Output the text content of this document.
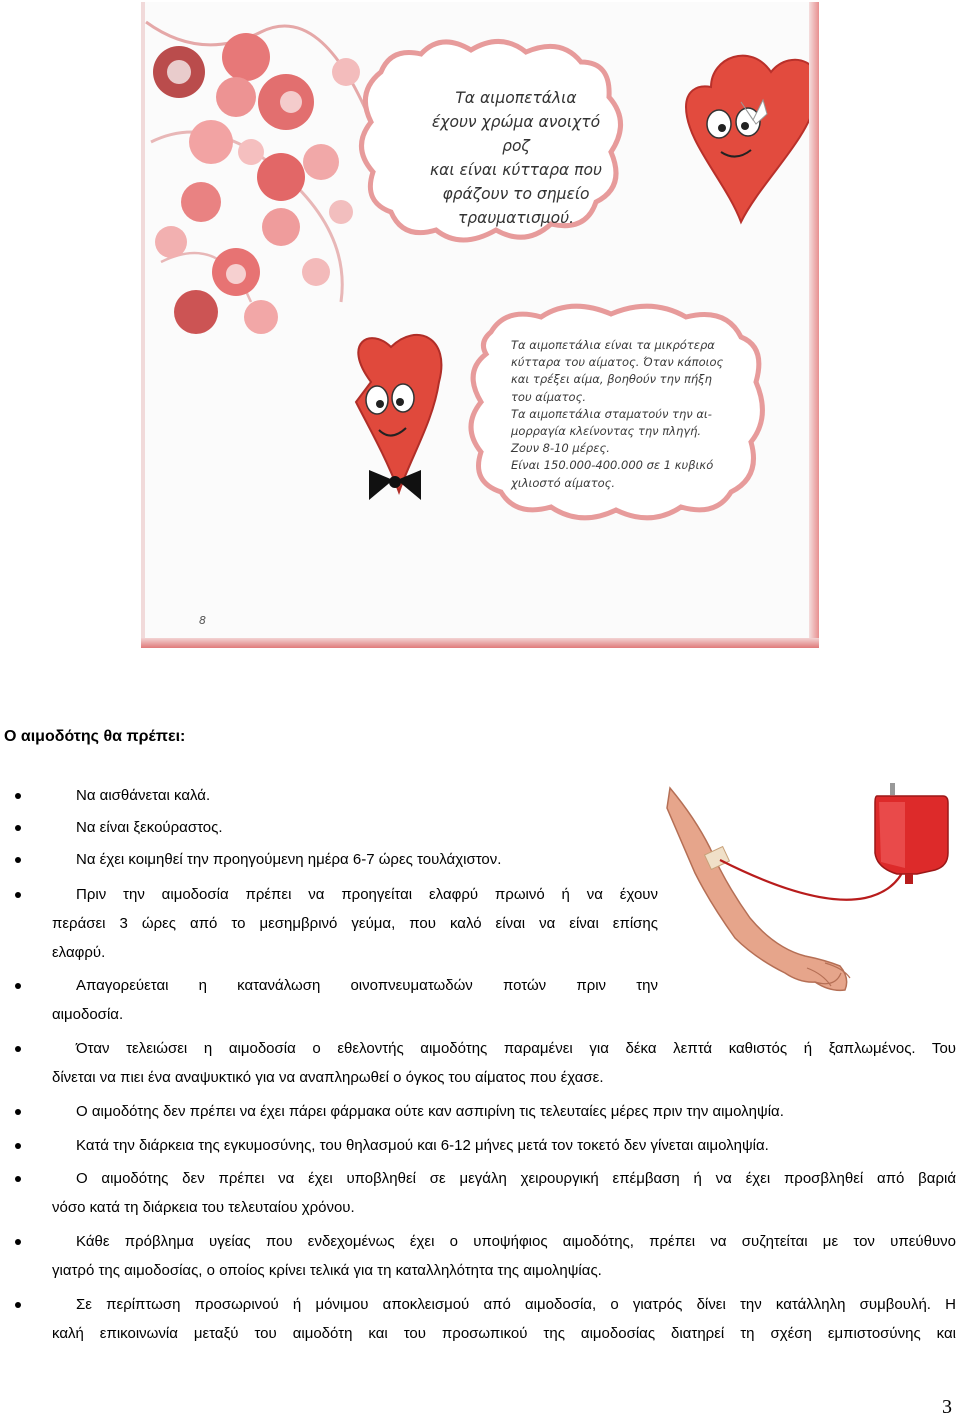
Τα αιμοπετάλια
έχουν χρώμα ανοιχτό ροζ
και είναι κύτταρα που
φράζουν το σημείο
τραυματισμού.
Τα αιμοπετάλια είναι τα μικρότερα
κύτταρα του αίματος. Όταν κάποιος
και τρέξει αίμα, βοηθούν την πήξη
του αίματος.
Τα αιμοπετάλια σταματούν την αι-
μορραγία κλείνοντας την πληγή.
Ζουν 8-10 μέρες.
Είναι 150.000-400.000 σε 1 κυβικό
χιλιοστό αίματος.
8
Ο αιμοδότης θα πρέπει:
Να αισθάνεται καλά.
Να είναι ξεκούραστος.
Να έχει κοιμηθεί την προηγούμενη ημέρα 6-7 ώρες τουλάχιστον.
Πριν την αιμοδοσία πρέπει να προηγείται ελαφρύ πρωινό ή να έχουν
περάσει 3 ώρες από το μεσημβρινό γεύμα, που καλό είναι να είναι επίσης
ελαφρύ.
Απαγορεύεται η κατανάλωση οινοπνευματωδών ποτών πριν την
αιμοδοσία.
Όταν τελειώσει η αιμοδοσία ο εθελοντής αιμοδότης παραμένει για δέκα λεπτά καθιστός ή ξαπλωμένος. Του
δίνεται να πιει ένα αναψυκτικό για να αναπληρωθεί ο όγκος του αίματος που έχασε.
Ο αιμοδότης δεν πρέπει να έχει πάρει φάρμακα ούτε καν ασπιρίνη τις τελευταίες μέρες πριν την αιμοληψία.
Κατά την διάρκεια της εγκυμοσύνης, του θηλασμού και 6-12 μήνες μετά τον τοκετό δεν γίνεται αιμοληψία.
Ο αιμοδότης δεν πρέπει να έχει υποβληθεί σε μεγάλη χειρουργική επέμβαση ή να έχει προσβληθεί από βαριά
νόσο κατά τη διάρκεια του τελευταίου χρόνου.
Κάθε πρόβλημα υγείας που ενδεχομένως έχει ο υποψήφιος αιμοδότης, πρέπει να συζητείται με τον υπεύθυνο
γιατρό της αιμοδοσίας, ο οποίος κρίνει τελικά για τη καταλληλότητα της αιμοληψίας.
Σε περίπτωση προσωρινού ή μόνιμου αποκλεισμού από αιμοδοσία, ο γιατρός δίνει την κατάλληλη συμβουλή. Η
καλή επικοινωνία μεταξύ του αιμοδότη και του προσωπικού της αιμοδοσίας διατηρεί τη σχέση εμπιστοσύνης και
3
